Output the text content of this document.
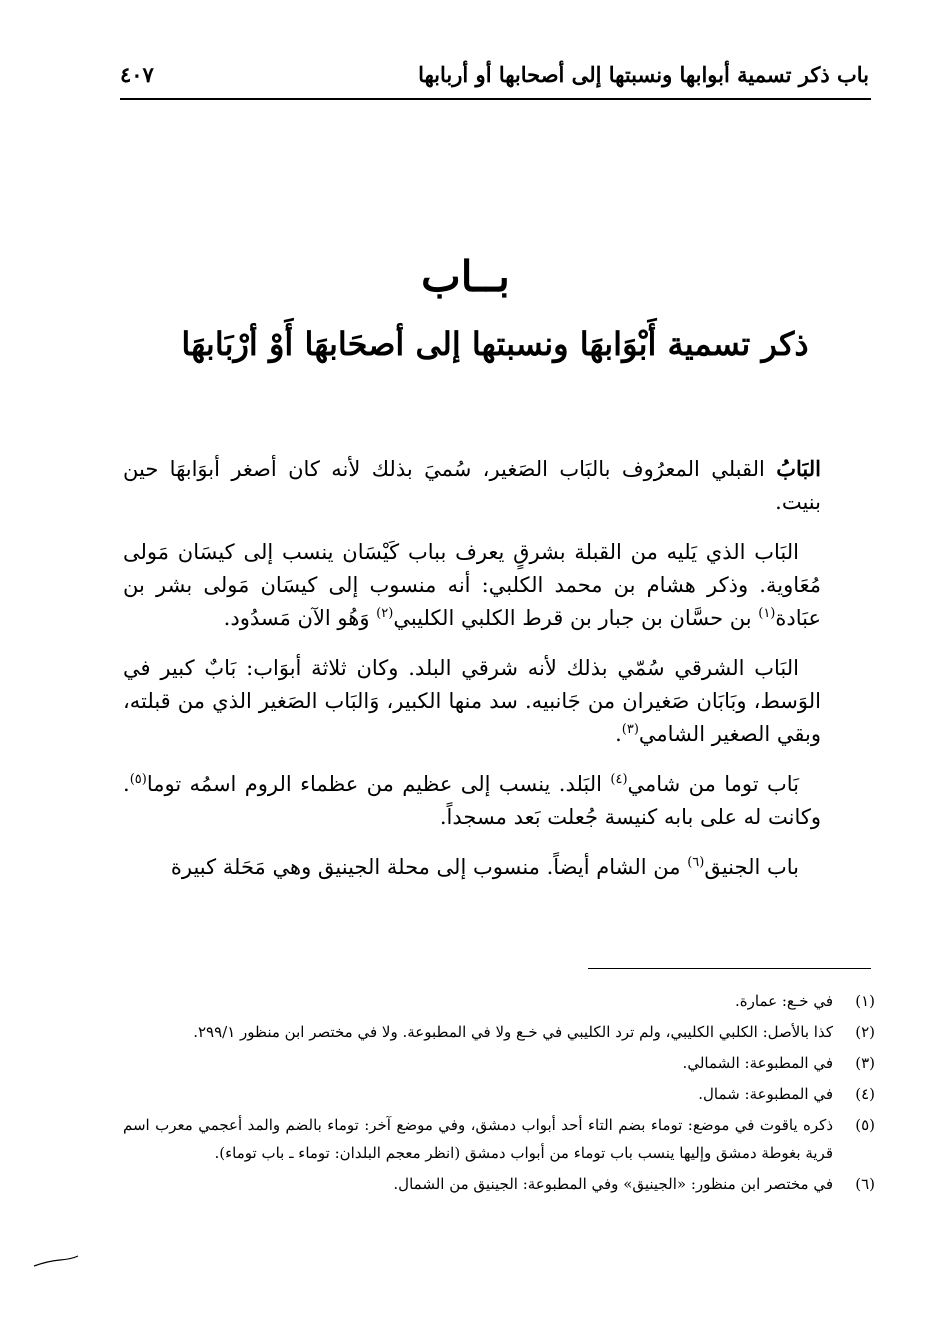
باب ذكر تسمية أبوابها ونسبتها إلى أصحابها أو أربابها
٤٠٧
بــاب
ذكر تسمية أَبْوَابهَا ونسبتها إلى أصحَابهَا أَوْ أرْبَابهَا

البَابُ القبلي المعرُوف بالبَاب الصَغير، سُميَ بذلك لأنه كان أصغر أبوَابهَا حين بنيت.

البَاب الذي يَليه من القبلة بشرقٍ يعرف بباب كَيْسَان ينسب إلى كيسَان مَولى مُعَاوية. وذكر هشام بن محمد الكلبي: أنه منسوب إلى كيسَان مَولى بشر بن عبَادة$^{(١)}$ بن حسَّان بن جبار بن قرط الكلبي الكليبي$^{(٢)}$ وَهُو الآن مَسدُود.

البَاب الشرقي سُمّي بذلك لأنه شرقي البلد. وكان ثلاثة أبوَاب: بَابٌ كبير في الوَسط، وبَابَان صَغيران من جَانبيه. سد منها الكبير، وَالبَاب الصَغير الذي من قبلته، وبقي الصغير الشامي$^{(٣)}$.

بَاب توما من شامي$^{(٤)}$ البَلد. ينسب إلى عظيم من عظماء الروم اسمُه توما$^{(٥)}$. وكانت له على بابه كنيسة جُعلت بَعد مسجداً.

باب الجنيق$^{(٦)}$ من الشام أيضاً. منسوب إلى محلة الجينيق وهي مَحَلة كبيرة

(١)
في خـع: عمارة.
(٢)
كذا بالأصل: الكلبي الكليبي، ولم ترد الكليبي في خـع ولا في المطبوعة. ولا في مختصر ابن منظور ٢٩٩/١.
(٣)
في المطبوعة: الشمالي.
(٤)
في المطبوعة: شمال.
(٥)
ذكره ياقوت في موضع: توماء بضم التاء أحد أبواب دمشق، وفي موضع آخر: توماء بالضم والمد أعجمي معرب اسم قرية بغوطة دمشق وإليها ينسب باب توماء من أبواب دمشق (انظر معجم البلدان: توماء ـ باب توماء).
(٦)
في مختصر ابن منظور: «الجينيق» وفي المطبوعة: الجينيق من الشمال.
